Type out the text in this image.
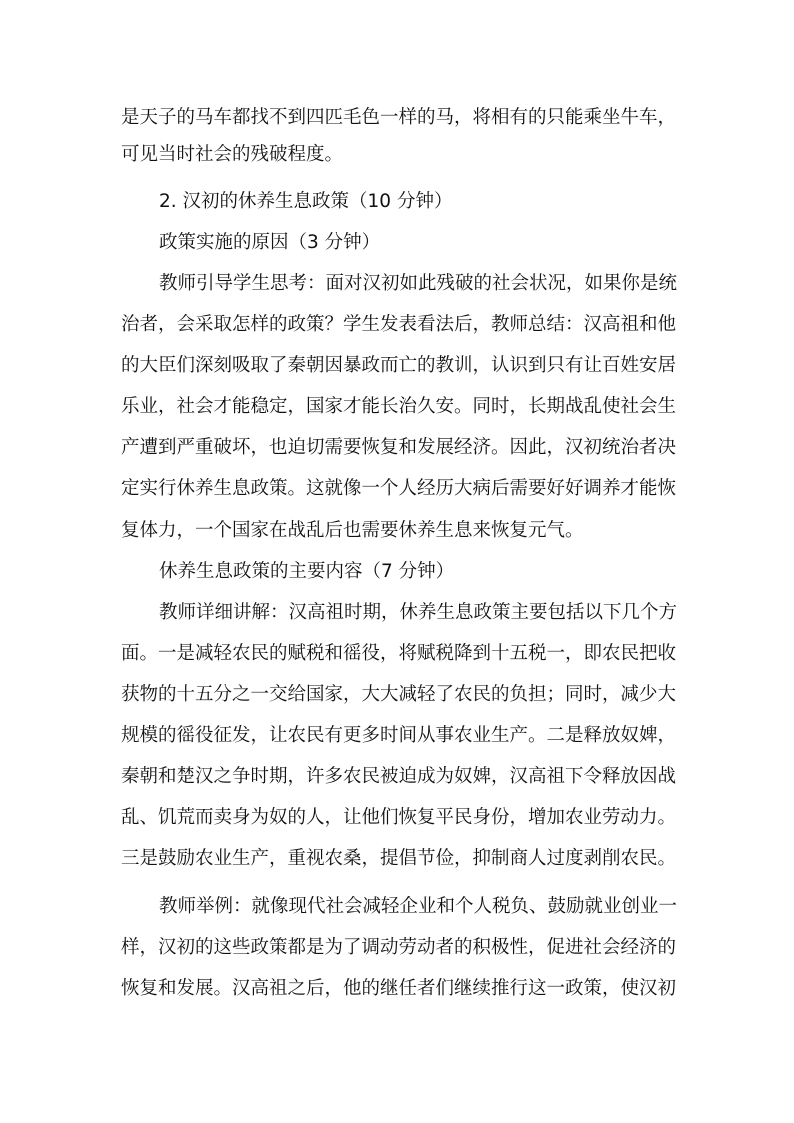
是天子的马车都找不到四匹毛色一样的马，将相有的只能乘坐牛车，
可见当时社会的残破程度。
2. 汉初的休养生息政策（10 分钟）
政策实施的原因（3 分钟）
教师引导学生思考：面对汉初如此残破的社会状况，如果你是统
治者，会采取怎样的政策？学生发表看法后，教师总结：汉高祖和他
的大臣们深刻吸取了秦朝因暴政而亡的教训，认识到只有让百姓安居
乐业，社会才能稳定，国家才能长治久安。同时，长期战乱使社会生
产遭到严重破坏，也迫切需要恢复和发展经济。因此，汉初统治者决
定实行休养生息政策。这就像一个人经历大病后需要好好调养才能恢
复体力，一个国家在战乱后也需要休养生息来恢复元气。
休养生息政策的主要内容（7 分钟）
教师详细讲解：汉高祖时期，休养生息政策主要包括以下几个方
面。一是减轻农民的赋税和徭役，将赋税降到十五税一，即农民把收
获物的十五分之一交给国家，大大减轻了农民的负担；同时，减少大
规模的徭役征发，让农民有更多时间从事农业生产。二是释放奴婢，
秦朝和楚汉之争时期，许多农民被迫成为奴婢，汉高祖下令释放因战
乱、饥荒而卖身为奴的人，让他们恢复平民身份，增加农业劳动力。
三是鼓励农业生产，重视农桑，提倡节俭，抑制商人过度剥削农民。
教师举例：就像现代社会减轻企业和个人税负、鼓励就业创业一
样，汉初的这些政策都是为了调动劳动者的积极性，促进社会经济的
恢复和发展。汉高祖之后，他的继任者们继续推行这一政策，使汉初
